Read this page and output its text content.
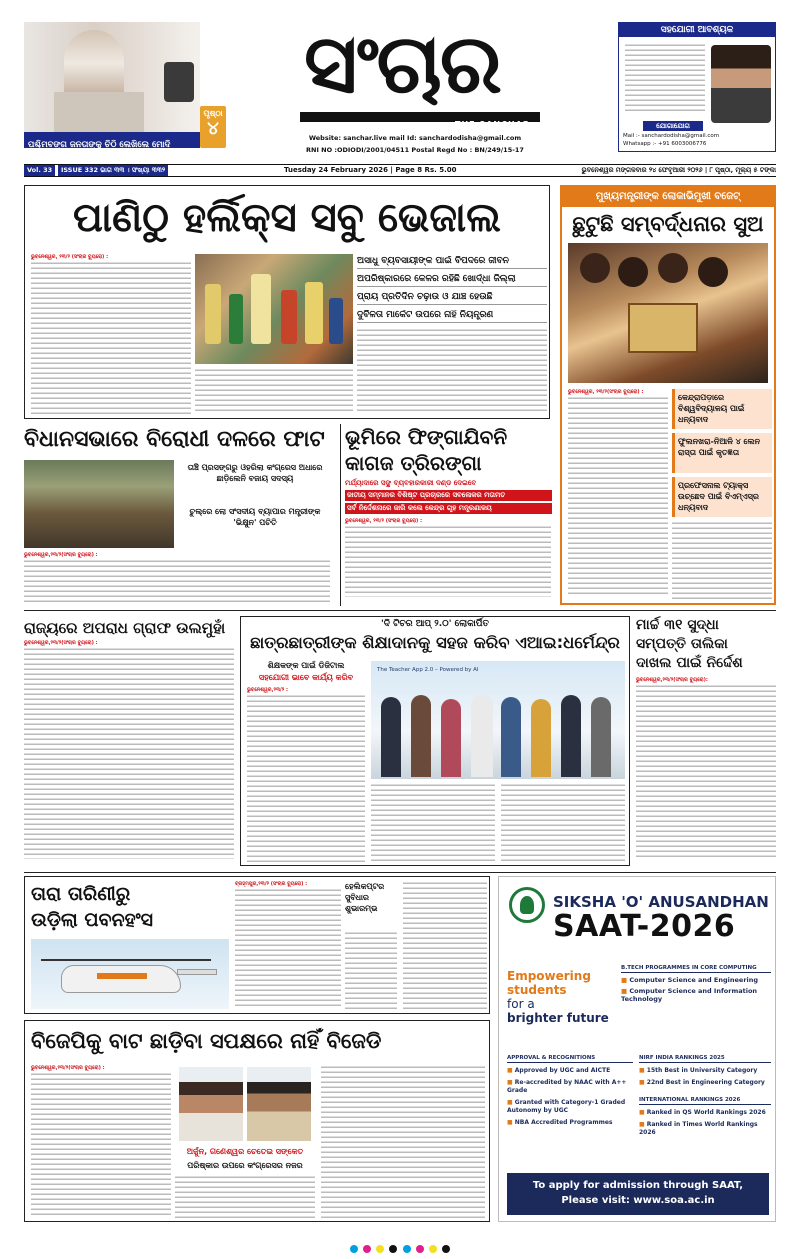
ପୃଷ୍ଠା
୪
ପଶ୍ଚିମବଙ୍ଗ ଜନତାଙ୍କୁ ଚିଠି ଲେଖିଲେ ମୋଦି
ସଂଚାର
THE SANCHAR
Website: sanchar.live mail Id: sanchardodisha@gmail.com
RNI NO :ODIODI/2001/04511 Postal Regd No : BN/249/15-17
ସହଯୋଗୀ ଆବଶ୍ୟକ
ଯୋଗାଯୋଗ
Mail :- sanchardodisha@gmail.com
Whatsapp :- +91 6003006776
Vol. 33	ISSUE 332 ଭାଗ ୩୩ । ସଂଖ୍ୟା ୩୩୨	Tuesday 24 February 2026 | Page 8 Rs. 5.00	ଭୁବନେଶ୍ୱର ମଙ୍ଗଳବାର ୨୪ ଫେବୃଆରୀ ୨୦୨୬ | ୮ ପୃଷ୍ଠା, ମୂଲ୍ୟ ୫ ଟଙ୍କା
ପାଣିଠୁ ହର୍ଲିକ୍ସ ସବୁ ଭେଜାଲ
ଭୁବନେଶ୍ୱର, ୨୩/୨ (ସଂଚାର ବ୍ୟୁରୋ) :	ଅସାଧୁ ବ୍ୟବସାୟୀଙ୍କ ପାଇଁ ବିପଦରେ ଜୀବନ
ଅପରିଷ୍କାରରେ କେଳର ରହିଛି ଖୋର୍ଦ୍ଧା ଜିଲ୍ଲା
ପ୍ରାୟ ପ୍ରତିଦିନ ଚଢ଼ାଉ ଓ ଯାଞ୍ଚ ହେଉଛି
ଦୁର୍ବିଳତା ମାର୍କେଟ ଉପରେ ନାହିଁ ନିୟନ୍ତ୍ରଣ
ମୁଖ୍ୟମନ୍ତ୍ରୀଙ୍କ ଲୋକାଭିମୁଖୀ ବଜେଟ୍
ଛୁଟୁଛି ସମ୍ବର୍ଦ୍ଧନାର ସୁଅ
ଭୁବନେଶ୍ୱର, ୨୩/୨(ସଂଚାର ବ୍ୟୁରୋ) :
କେନ୍ଦ୍ରାପଡ଼ାରେ ବିଶ୍ୱବିଦ୍ୟାଳୟ ପାଇଁ ଧନ୍ୟବାଦ
ଫୁଲନଖରା-ନିଆଳି ୪ ଲେନ ରାସ୍ତା ପାଇଁ କୃତଜ୍ଞତା
ପ୍ରଫେସନାଲ ଟ୍ୟାକ୍ସ ଉଚ୍ଛେଦ ପାଇଁ ବିଏମ୍‌ଏସ୍‌ର ଧନ୍ୟବାଦ
ବିଧାନସଭାରେ ବିରୋଧୀ ଦଳରେ ଫାଟ
ତାଞ୍ଚି ପ୍ରସଙ୍ଗରୁ ଓହରିଲା କଂଗ୍ରେସ ଅଧାରେ ଛାଡ଼ିଲେନି ବଜାୟ ସଦସ୍ୟ
ଚୁଲ୍‌ରେ ଲୋ ସଂସଦୀୟ ବ୍ୟାପାର ମନ୍ତ୍ରୀଙ୍କ 'ଭିକ୍ଷୁନ' ପଚିତି
ଭୁବନେଶ୍ୱର,୨୩/୨(ସଂଚାର ବ୍ୟୁରୋ) :
ଭୂମିରେ ଫିଙ୍ଗାଯିବନି
କାଗଜ ତ୍ରିରଙ୍ଗା
ମର୍ଯ୍ୟାଦାରେ ସଙ୍କ୍ଷ ବ୍ୟବହାରକାରୀ ଦଣ୍ଡ ଦେଇବେ
ଜାତୀୟ ସମ୍ମାନର ବିଶିଷ୍ଟ ପ୍ରଚାରରେ ସବଳୋକର ମତାମତ
ସର୍ବ ନିର୍ଦ୍ଦେଶନାରେ ଜାରି କଲେ କେନ୍ଦ୍ର ଗୃହ ମନ୍ତ୍ରଣାଳୟ
ଭୁବନେଶ୍ୱର, ୨୩/୨ (ସଂଚାର ବ୍ୟୁରୋ) :
ରାଜ୍ୟରେ ଅପରାଧ ଗ୍ରାଫ ଉଲମୁହାଁ
ଭୁବନେଶ୍ୱର,୨୩/୨(ସଂଚାର ବ୍ୟୁରୋ) :
'ଦି ଟିଚର ଆପ୍ ୨.୦' ଲୋକାର୍ପିତ
ଛାତ୍ରଛାତ୍ରୀଙ୍କ ଶିକ୍ଷାଦାନକୁ ସହଜ କରିବ ଏଆଇ:ଧର୍ମେନ୍ଦ୍ର
ଶିକ୍ଷକଙ୍କ ପାଇଁ ଡିଜିଟାଲ
ସହଯୋଗୀ ଭାବେ କାର୍ଯ୍ୟ କରିବ
ଭୁବନେଶ୍ୱର,୨୩/୨ :
The Teacher App 2.0 – Powered by AI
ମାର୍ଚ୍ଚ ୩୧ ସୁଦ୍ଧା
ସମ୍ପତ୍ତି ତାଲିକା
ଦାଖଲ ପାଇଁ ନିର୍ଦ୍ଦେଶ
ଭୁବନେଶ୍ୱର,୨୩/୨(ସଂଚାର ବ୍ୟୁରୋ):
ତାରା ତାରିଣୀରୁ
ଉଡ଼ିଲା ପବନହଂସ
ବ୍ରହ୍ମପୁର,୨୩/୨ (ସଂଚାର ବ୍ୟୁରୋ) :	ହେଲିକପ୍ଟର ସୁବିଧାର ଶୁଭାରମ୍ଭ	SIKSHA 'O' ANUSANDHAN
SAAT-2026
Empowering
students
for a
brighter future
B.TECH PROGRAMMES IN CORE COMPUTING
■ Computer Science and Engineering
■ Computer Science and Information Technology
APPROVAL & RECOGNITIONS
■ Approved by UGC and AICTE
■ Re-accredited by NAAC with A++ Grade
■ Granted with Category-1 Graded Autonomy by UGC
■ NBA Accredited Programmes
NIRF INDIA RANKINGS 2025
■ 15th Best in University Category
■ 22nd Best in Engineering Category
INTERNATIONAL RANKINGS 2026
■ Ranked in QS World Rankings 2026
■ Ranked in Times World Rankings 2026
To apply for admission through SAAT,
Please visit: www.soa.ac.in
ବିଜେପିକୁ ବାଟ ଛାଡ଼ିବା ସପକ୍ଷରେ ନାହିଁ ବିଜେଡି
ଭୁବନେଶ୍ୱର,୨୩/୨(ସଂଚାର ବ୍ୟୁରୋ) :
ଅର୍ଜୁନ, ଗଣେଶ୍ୱର ଚେତେଇ ସଙ୍କେତ
ପରିଷ୍କାର ଉପରେ କଂଗ୍ରେସର ନଜର
